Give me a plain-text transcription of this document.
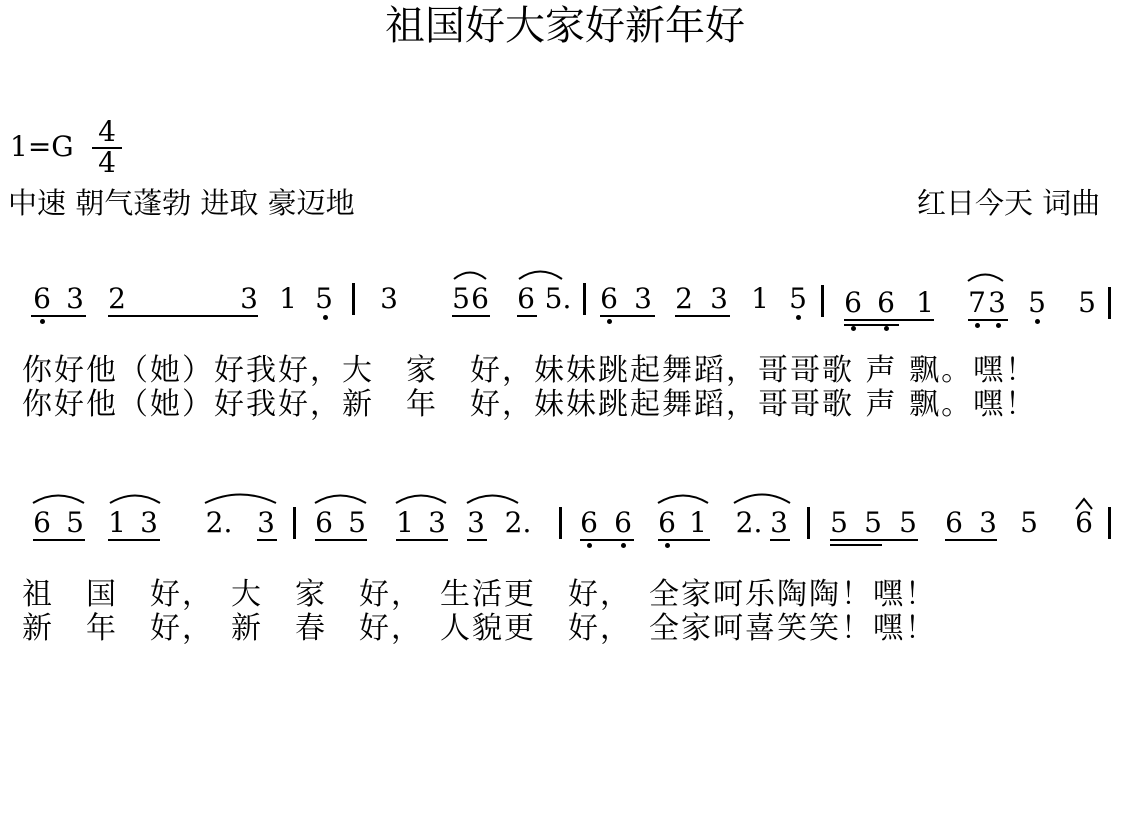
祖国好大家好新年好
1=G 4
4
中速 朝气蓬勃 进取 豪迈地	红日今天 词曲
6 3 2	3 1 5 3 5 6 6 5. 6 3 2 3 1 5 6 6 1 7 3 5 5
你好他（她）好我好，大　家　好，妹妹跳起舞蹈，哥哥歌 声 飘。嘿！
你好他（她）好我好，新　年　好，妹妹跳起舞蹈，哥哥歌 声 飘。嘿！
6 5 1 3 2. 3 6 5 1 3 3 2. 6 6 6 1 2. 3 5 5 5 6 3 5 6
祖　国　好，　大　家　好，　生活更　好，　全家呵乐陶陶！嘿！
新　年　好，　新　春　好，　人貌更　好，　全家呵喜笑笑！嘿！
